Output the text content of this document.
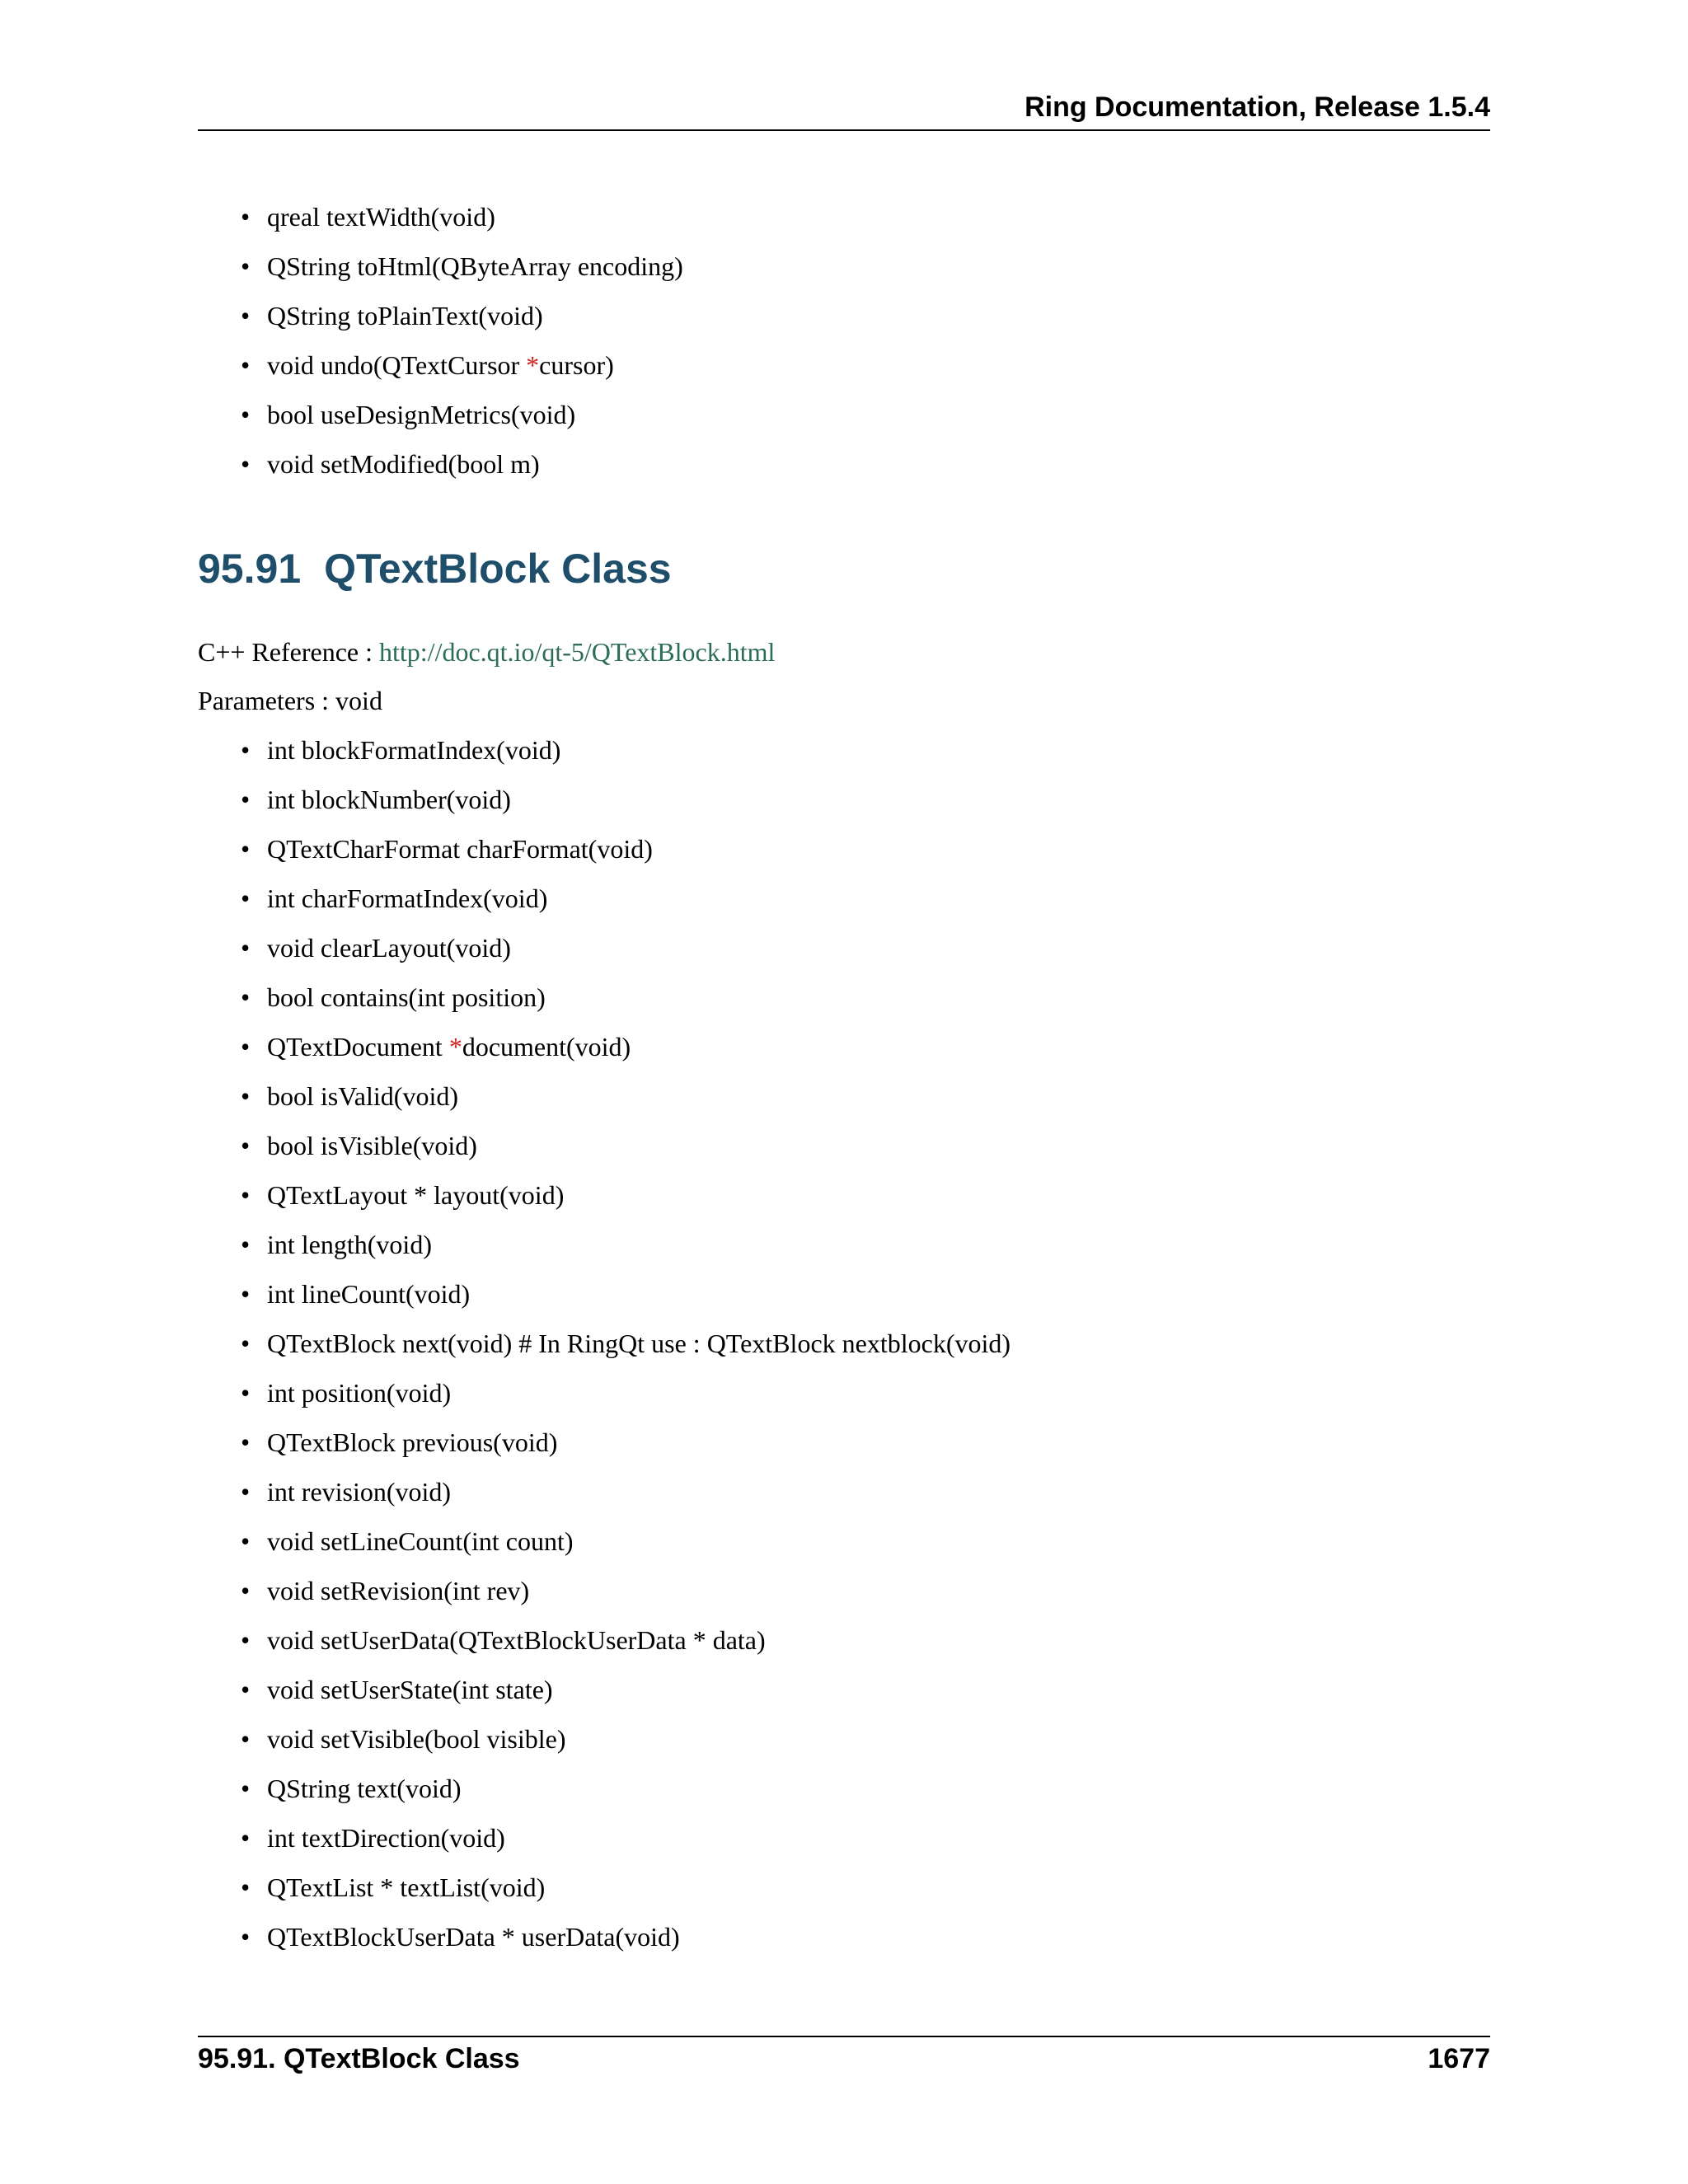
Ring Documentation, Release 1.5.4
• qreal textWidth(void)
• QString toHtml(QByteArray encoding)
• QString toPlainText(void)
• void undo(QTextCursor *cursor)
• bool useDesignMetrics(void)
• void setModified(bool m)
95.91 QTextBlock Class

C++ Reference : http://doc.qt.io/qt-5/QTextBlock.html

Parameters : void

• int blockFormatIndex(void)
• int blockNumber(void)
• QTextCharFormat charFormat(void)
• int charFormatIndex(void)
• void clearLayout(void)
• bool contains(int position)
• QTextDocument *document(void)
• bool isValid(void)
• bool isVisible(void)
• QTextLayout * layout(void)
• int length(void)
• int lineCount(void)
• QTextBlock next(void) # In RingQt use : QTextBlock nextblock(void)
• int position(void)
• QTextBlock previous(void)
• int revision(void)
• void setLineCount(int count)
• void setRevision(int rev)
• void setUserData(QTextBlockUserData * data)
• void setUserState(int state)
• void setVisible(bool visible)
• QString text(void)
• int textDirection(void)
• QTextList * textList(void)
• QTextBlockUserData * userData(void)
95.91. QTextBlock Class	1677
